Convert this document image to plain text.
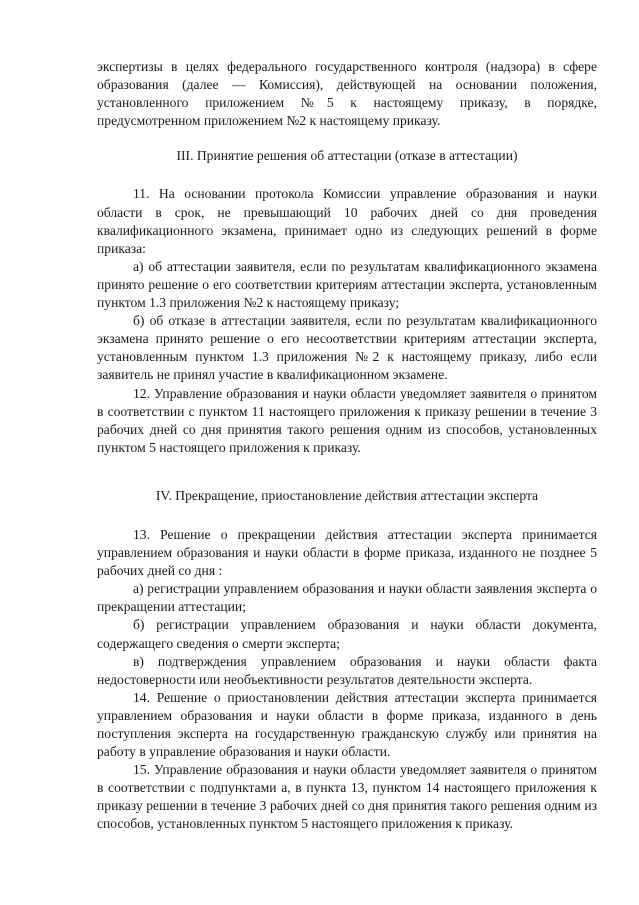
экспертизы в целях федерального государственного контроля (надзора) в сфере образования (далее — Комиссия), действующей на основании положения, установленного приложением №5 к настоящему приказу, в порядке, предусмотренном приложением №2 к настоящему приказу.

III. Принятие решения об аттестации (отказе в аттестации)

11. На основании протокола Комиссии управление образования и науки области в срок, не превышающий 10 рабочих дней со дня проведения квалификационного экзамена, принимает одно из следующих решений в форме приказа:

а) об аттестации заявителя, если по результатам квалификационного экзамена принято решение о его соответствии критериям аттестации эксперта, установленным пунктом 1.3 приложения №2 к настоящему приказу;

б) об отказе в аттестации заявителя, если по результатам квалификационного экзамена принято решение о его несоответствии критериям аттестации эксперта, установленным пунктом 1.3 приложения №2 к настоящему приказу, либо если заявитель не принял участие в квалификационном экзамене.

12. Управление образования и науки области уведомляет заявителя о принятом в соответствии с пунктом 11 настоящего приложения к приказу решении в течение 3 рабочих дней со дня принятия такого решения одним из способов, установленных пунктом 5 настоящего приложения к приказу.

IV. Прекращение, приостановление действия аттестации эксперта

13. Решение о прекращении действия аттестации эксперта принимается управлением образования и науки области в форме приказа, изданного не позднее 5 рабочих дней со дня :

а) регистрации управлением образования и науки области заявления эксперта о прекращении аттестации;

б) регистрации управлением образования и науки области документа, содержащего сведения о смерти эксперта;

в) подтверждения управлением образования и науки области факта недостоверности или необъективности результатов деятельности эксперта.

14. Решение о приостановлении действия аттестации эксперта принимается управлением образования и науки области в форме приказа, изданного в день поступления эксперта на государственную гражданскую службу или принятия на работу в управление образования и науки области.

15. Управление образования и науки области уведомляет заявителя о принятом в соответствии с подпунктами а, в пункта 13, пунктом 14 настоящего приложения к приказу решении в течение 3 рабочих дней со дня принятия такого решения одним из способов, установленных пунктом 5 настоящего приложения к приказу.
